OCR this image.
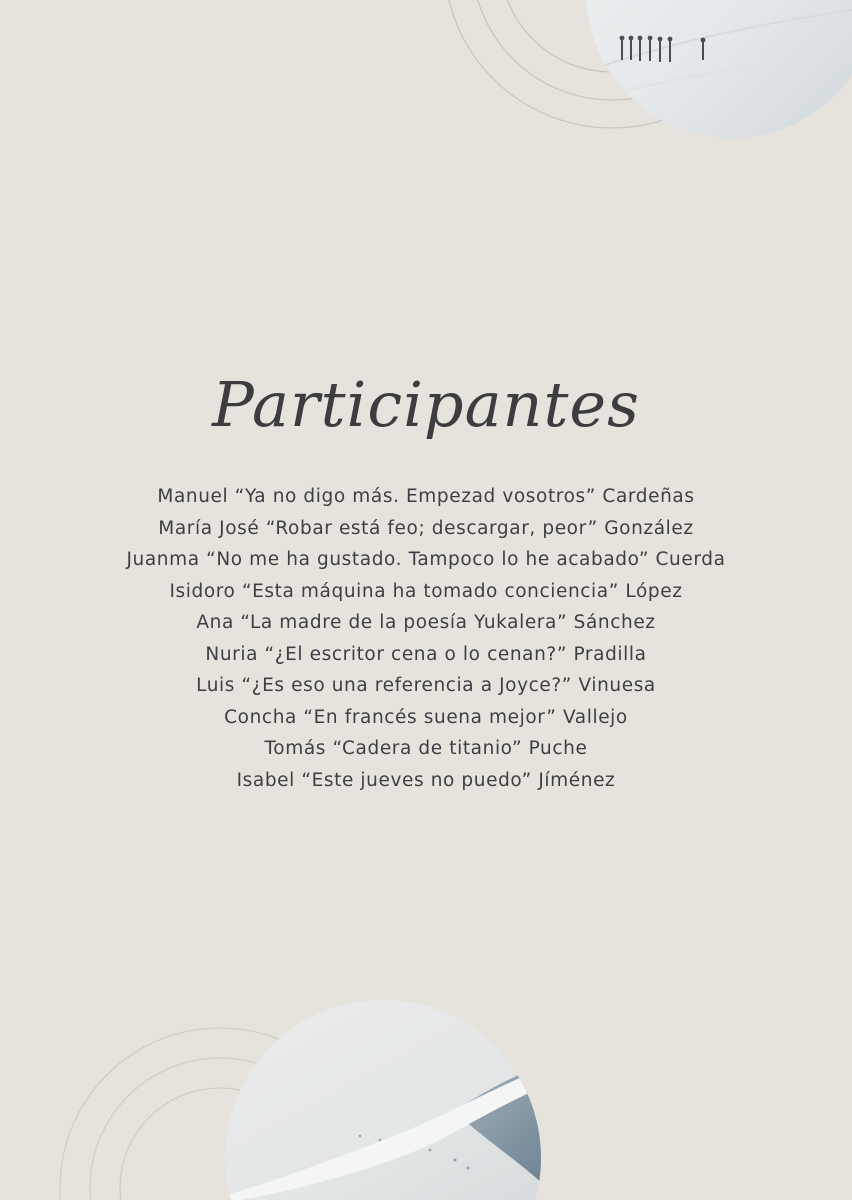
Participantes
Manuel “Ya no digo más. Empezad vosotros” Cardeñas
María José “Robar está feo; descargar, peor” González
Juanma “No me ha gustado. Tampoco lo he acabado” Cuerda
Isidoro “Esta máquina ha tomado conciencia” López
Ana “La madre de la poesía Yukalera” Sánchez
Nuria “¿El escritor cena o lo cenan?” Pradilla
Luis “¿Es eso una referencia a Joyce?” Vinuesa
Concha “En francés suena mejor” Vallejo
Tomás “Cadera de titanio” Puche
Isabel “Este jueves no puedo” Jíménez
